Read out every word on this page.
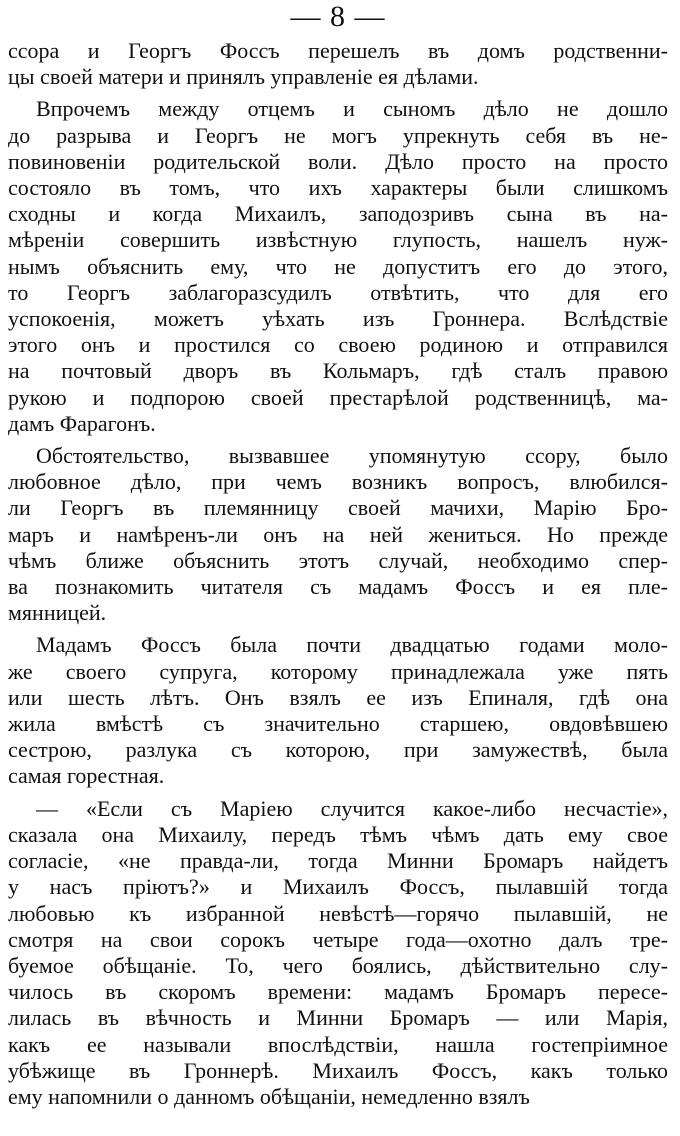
— 8 —
ссора и Георгъ Фоссъ перешелъ въ домъ родственни-
цы своей матери и принялъ управленіе ея дѣлами.
Впрочемъ между отцемъ и сыномъ дѣло не дошло
до разрыва и Георгъ не могъ упрекнуть себя въ не-
повиновеніи родительской воли. Дѣло просто на просто
состояло въ томъ, что ихъ характеры были слишкомъ
сходны и когда Михаилъ, заподозривъ сына въ на-
мѣреніи совершить извѣстную глупость, нашелъ нуж-
нымъ объяснить ему, что не допуститъ его до этого,
то Георгъ заблагоразсудилъ отвѣтить, что для его
успокоенія, можетъ уѣхать изъ Гроннера. Вслѣдствіе
этого онъ и простился со своею родиною и отправился
на почтовый дворъ въ Кольмаръ, гдѣ сталъ правою
рукою и подпорою своей престарѣлой родственницѣ, ма-
дамъ Фарагонъ.
Обстоятельство, вызвавшее упомянутую ссору, было
любовное дѣло, при чемъ возникъ вопросъ, влюбился-
ли Георгъ въ племянницу своей мачихи, Марію Бро-
маръ и намѣренъ-ли онъ на ней жениться. Но прежде
чѣмъ ближе объяснить этотъ случай, необходимо спер-
ва познакомить читателя съ мадамъ Фоссъ и ея пле-
мянницей.
Мадамъ Фоссъ была почти двадцатью годами моло-
же своего супруга, которому принадлежала уже пять
или шесть лѣтъ. Онъ взялъ ее изъ Епиналя, гдѣ она
жила вмѣстѣ съ значительно старшею, овдовѣвшею
сестрою, разлука съ которою, при замужествѣ, была
самая горестная.
— «Если съ Маріею случится какое-либо несчастіе»,
сказала она Михаилу, передъ тѣмъ чѣмъ дать ему свое
согласіе, «не правда-ли, тогда Минни Бромаръ найдетъ
у насъ пріютъ?» и Михаилъ Фоссъ, пылавшій тогда
любовью къ избранной невѣстѣ—горячо пылавшій, не
смотря на свои сорокъ четыре года—охотно далъ тре-
буемое обѣщаніе. То, чего боялись, дѣйствительно слу-
чилось въ скоромъ времени: мадамъ Бромаръ пересе-
лилась въ вѣчность и Минни Бромаръ — или Марія,
какъ ее называли впослѣдствіи, нашла гостепріимное
убѣжище въ Гроннерѣ. Михаилъ Фоссъ, какъ только
ему напомнили о данномъ обѣщаніи, немедленно взялъ
